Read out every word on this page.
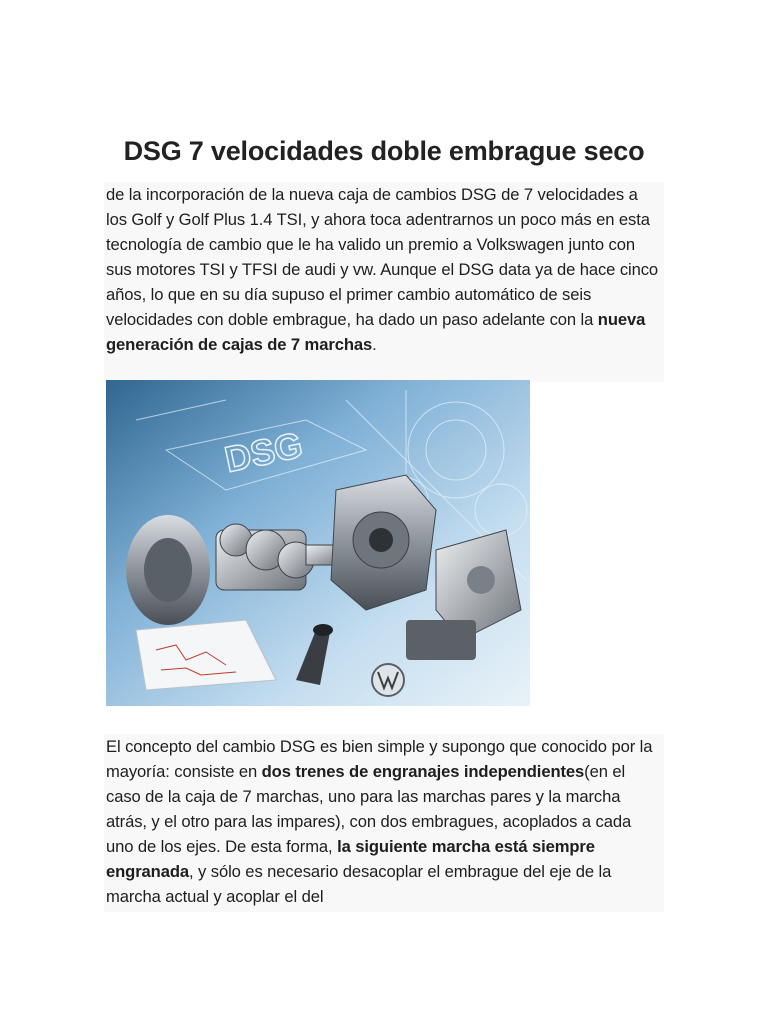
DSG 7 velocidades doble embrague seco

de la incorporación de la nueva caja de cambios DSG de 7 velocidades a los Golf y Golf Plus 1.4 TSI, y ahora toca adentrarnos un poco más en esta tecnología de cambio que le ha valido un premio a Volkswagen junto con sus motores TSI y TFSI de audi y vw. Aunque el DSG data ya de hace cinco años, lo que en su día supuso el primer cambio automático de seis velocidades con doble embrague, ha dado un paso adelante con la nueva generación de cajas de 7 marchas.

DSG

El concepto del cambio DSG es bien simple y supongo que conocido por la mayoría: consiste en dos trenes de engranajes independientes(en el caso de la caja de 7 marchas, uno para las marchas pares y la marcha atrás, y el otro para las impares), con dos embragues, acoplados a cada uno de los ejes. De esta forma, la siguiente marcha está siempre engranada, y sólo es necesario desacoplar el embrague del eje de la marcha actual y acoplar el del
